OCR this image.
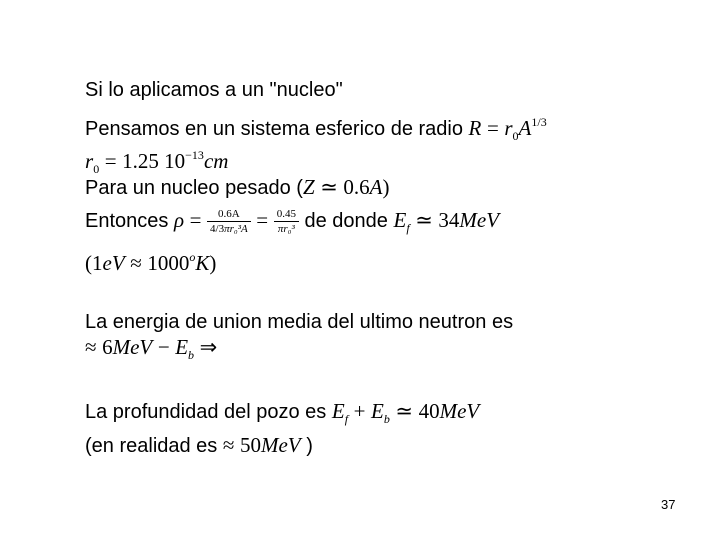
Si lo aplicamos a un "nucleo"
Pensamos en un sistema esferico de radio $R = r_0A^{1/3}$
$r_0 = 1.25$ $10^{-13}cm$
Para un nucleo pesado (Z ≃ 0.6A)
Entonces $\rho = \frac{0.6A}{\text{4/3πr₀³A}} = \frac{0.45}{\text{πr₀³}}$ de donde $E_f$ ≃ 34MeV
$(1eV \approx 1000^oK)$
La energia de union media del ultimo neutron es
≈ $6MeV - E_b$ ⇒
La profundidad del pozo es $E_f + E_b$ ≃ 40MeV
(en realidad es ≈ 50MeV )
37
